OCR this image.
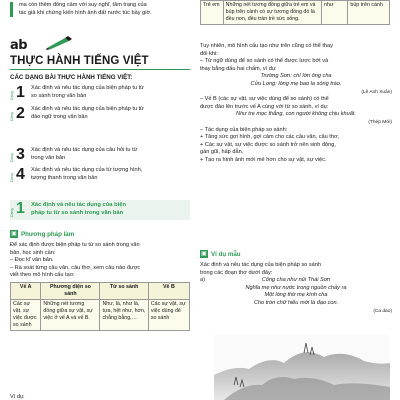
ma còn thêm đồng cảm với suy nghĩ, tâm trạng của

tác giả khi chứng kiến hình ảnh đất nước túc bầy giờ.

ab
THỰC HÀNH TIẾNG VIỆT
CÁC DẠNG BÀI THỰC HÀNH TIẾNG VIỆT:
Dạng 1	Xác định và nêu tác dụng của biện pháp tu từ
so sánh trong văn bản
Dạng 2	Xác định và nêu tác dụng của biện pháp tu từ
đảo ngữ trong văn bản
Dạng 3	Xác định và nêu tác dụng của câu hỏi tu từ
trong văn bản
Dạng 4	Xác định và nêu tác dụng của từ tượng hình,
tượng thanh trong văn bản
Dạng 1	Xác định và nêu tác dụng của biện
pháp tu từ so sánh trong văn bản
▣ Phương pháp làm

Để xác định được biện pháp tu từ so sánh trong văn

bản, học sinh cần:

– Đọc kĩ văn bản.

– Rà soát từng câu văn, câu thơ, xem câu nào được

viết theo mô hình cấu tạo:

Vế A	Phương diện so sánh	Từ so sánh	Vế B
Các sự vật, sự việc được so sánh	Những nét tương đồng giữa sự vật, sự việc ở vế A và vế B.	Như, là, như là, tựa, hệt như, hơn, chẳng bằng,…	Các sự vật, sự việc dùng để so sánh
Ví dụ:
Trẻ em	Những nét tương đồng giữa trẻ em và búp trên cành có sự tương đồng đó là đều non, đều tràn trề sức sống.	như	búp trên cành

Tuy nhiên, mô hình cấu tạo như trên cũng có thể thay

đổi khi:

– Từ ngữ dùng để so sánh có thể được lược bớt và

thay bằng dấu hai chấm, ví dụ:

Trường Sơn: chí lớn ông cha

Cửu Long: lòng mẹ bao la sóng trào.

(Lê Anh Xuân)

– Vế B (các sự vật, sự việc dùng để so sánh) có thể

được đảo lên trước vế A cùng với từ so sánh, ví dụ:

Như tre mọc thẳng, con người không chịu khuất.

(Thép Mới)

– Tác dụng của biện pháp so sánh:

+ Tăng sức gợi hình, gợi cảm cho các câu văn, câu thơ,

+ Các sự vật, sự việc được so sánh trở nên sinh động,

gần gũi, hấp dẫn.

+ Tạo ra hình ảnh mới mẻ hơn cho sự vật, sự việc.

▣ Ví dụ mẫu

Xác định và nêu tác dụng của biện pháp so sánh

trong các đoạn thơ dưới đây:

a)	Công cha như núi Thái Sơn

Nghĩa mẹ như nước trong nguồn chảy ra

Một lòng thờ mẹ kính cha

Cho tròn chữ hiếu mới là đạo con.

(Ca dao)
